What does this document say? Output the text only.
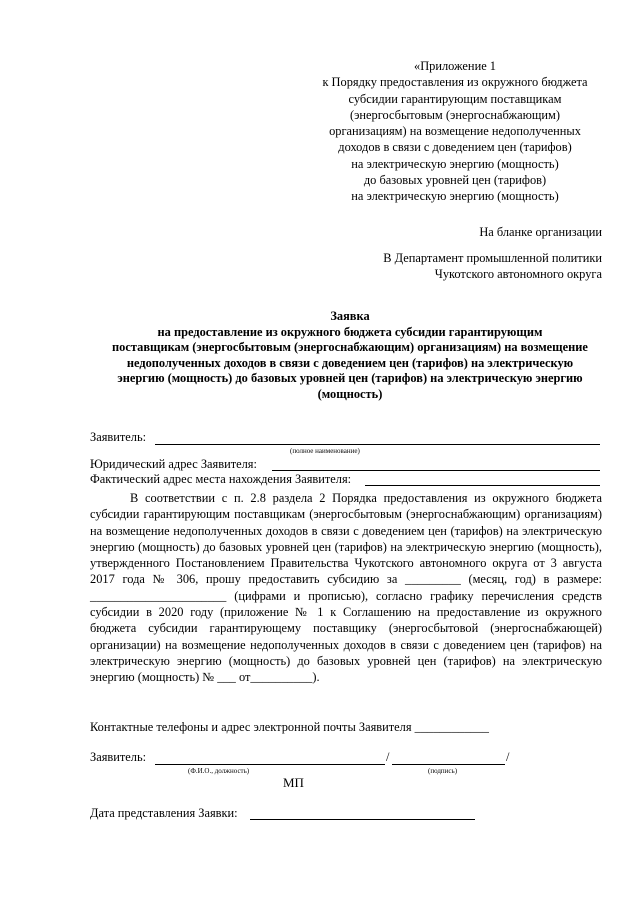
«Приложение 1
к Порядку предоставления из окружного бюджета
субсидии гарантирующим поставщикам
(энергосбытовым (энергоснабжающим)
организациям) на возмещение недополученных
доходов в связи с доведением цен (тарифов)
на электрическую энергию (мощность)
до базовых уровней цен (тарифов)
на электрическую энергию (мощность)
На бланке организации
В Департамент промышленной политики
Чукотского автономного округа
Заявка
на предоставление из окружного бюджета субсидии гарантирующим
поставщикам (энергосбытовым (энергоснабжающим) организациям) на возмещение
недополученных доходов в связи с доведением цен (тарифов) на электрическую
энергию (мощность) до базовых уровней цен (тарифов) на электрическую энергию
(мощность)
Заявитель:
(полное наименование)
Юридический адрес Заявителя:
Фактический адрес места нахождения Заявителя:

В соответствии с п. 2.8 раздела 2 Порядка предоставления из окружного бюджета субсидии гарантирующим поставщикам (энергосбытовым (энергоснабжающим) организациям) на возмещение недополученных доходов в связи с доведением цен (тарифов) на электрическую энергию (мощность) до базовых уровней цен (тарифов) на электрическую энергию (мощность), утвержденного Постановлением Правительства Чукотского автономного округа от 3 августа 2017 года № 306, прошу предоставить субсидию за _________ (месяц, год) в размере: ______________________ (цифрами и прописью), согласно графику перечисления средств субсидии в 2020 году (приложение № 1 к Соглашению на предоставление из окружного бюджета субсидии гарантирующему поставщику (энергосбытовой (энергоснабжающей) организации) на возмещение недополученных доходов в связи с доведением цен (тарифов) на электрическую энергию (мощность) до базовых уровней цен (тарифов) на электрическую энергию (мощность) № ___ от__________).

Контактные телефоны и адрес электронной почты Заявителя ____________
Заявитель:	/	/
(Ф.И.О., должность)	(подпись)
МП
Дата представления Заявки:
